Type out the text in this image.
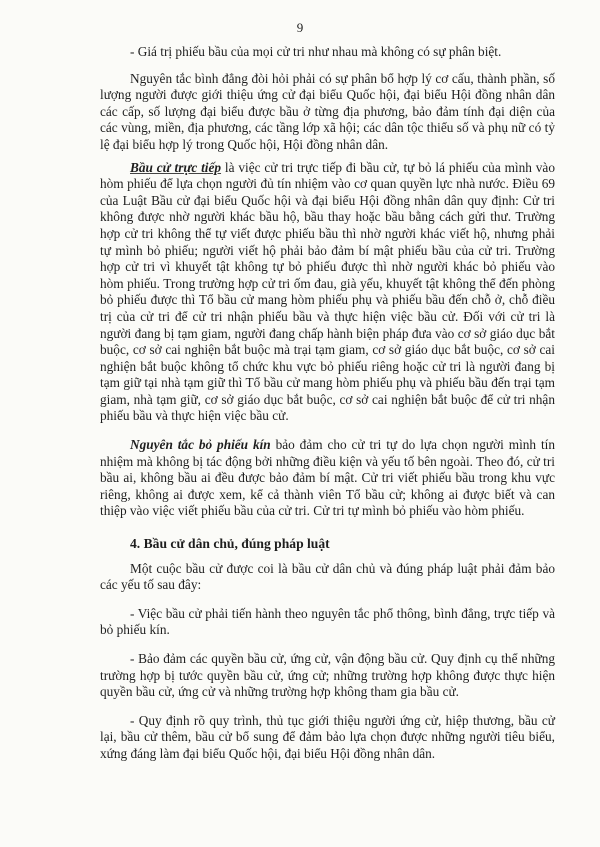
9

- Giá trị phiếu bầu của mọi cử tri như nhau mà không có sự phân biệt.

Nguyên tắc bình đẳng đòi hỏi phải có sự phân bổ hợp lý cơ cấu, thành phần, số lượng người được giới thiệu ứng cử đại biểu Quốc hội, đại biểu Hội đồng nhân dân các cấp, số lượng đại biểu được bầu ở từng địa phương, bảo đảm tính đại diện của các vùng, miền, địa phương, các tầng lớp xã hội; các dân tộc thiểu số và phụ nữ có tỷ lệ đại biểu hợp lý trong Quốc hội, Hội đồng nhân dân.

Bầu cử trực tiếp là việc cử tri trực tiếp đi bầu cử, tự bỏ lá phiếu của mình vào hòm phiếu để lựa chọn người đủ tín nhiệm vào cơ quan quyền lực nhà nước. Điều 69 của Luật Bầu cử đại biểu Quốc hội và đại biểu Hội đồng nhân dân quy định: Cử tri không được nhờ người khác bầu hộ, bầu thay hoặc bầu bằng cách gửi thư. Trường hợp cử tri không thể tự viết được phiếu bầu thì nhờ người khác viết hộ, nhưng phải tự mình bỏ phiếu; người viết hộ phải bảo đảm bí mật phiếu bầu của cử tri. Trường hợp cử tri vì khuyết tật không tự bỏ phiếu được thì nhờ người khác bỏ phiếu vào hòm phiếu. Trong trường hợp cử tri ốm đau, già yếu, khuyết tật không thể đến phòng bỏ phiếu được thì Tổ bầu cử mang hòm phiếu phụ và phiếu bầu đến chỗ ở, chỗ điều trị của cử tri để cử tri nhận phiếu bầu và thực hiện việc bầu cử. Đối với cử tri là người đang bị tạm giam, người đang chấp hành biện pháp đưa vào cơ sở giáo dục bắt buộc, cơ sở cai nghiện bắt buộc mà trại tạm giam, cơ sở giáo dục bắt buộc, cơ sở cai nghiện bắt buộc không tổ chức khu vực bỏ phiếu riêng hoặc cử tri là người đang bị tạm giữ tại nhà tạm giữ thì Tổ bầu cử mang hòm phiếu phụ và phiếu bầu đến trại tạm giam, nhà tạm giữ, cơ sở giáo dục bắt buộc, cơ sở cai nghiện bắt buộc để cử tri nhận phiếu bầu và thực hiện việc bầu cử.

Nguyên tắc bỏ phiếu kín bảo đảm cho cử tri tự do lựa chọn người mình tín nhiệm mà không bị tác động bởi những điều kiện và yếu tố bên ngoài. Theo đó, cử tri bầu ai, không bầu ai đều được bảo đảm bí mật. Cử tri viết phiếu bầu trong khu vực riêng, không ai được xem, kể cả thành viên Tổ bầu cử; không ai được biết và can thiệp vào việc viết phiếu bầu của cử tri. Cử tri tự mình bỏ phiếu vào hòm phiếu.

4. Bầu cử dân chủ, đúng pháp luật

Một cuộc bầu cử được coi là bầu cử dân chủ và đúng pháp luật phải đảm bảo các yếu tố sau đây:

- Việc bầu cử phải tiến hành theo nguyên tắc phổ thông, bình đẳng, trực tiếp và bỏ phiếu kín.

- Bảo đảm các quyền bầu cử, ứng cử, vận động bầu cử. Quy định cụ thể những trường hợp bị tước quyền bầu cử, ứng cử; những trường hợp không được thực hiện quyền bầu cử, ứng cử và những trường hợp không tham gia bầu cử.

- Quy định rõ quy trình, thủ tục giới thiệu người ứng cử, hiệp thương, bầu cử lại, bầu cử thêm, bầu cử bổ sung để đảm bảo lựa chọn được những người tiêu biểu, xứng đáng làm đại biểu Quốc hội, đại biểu Hội đồng nhân dân.
